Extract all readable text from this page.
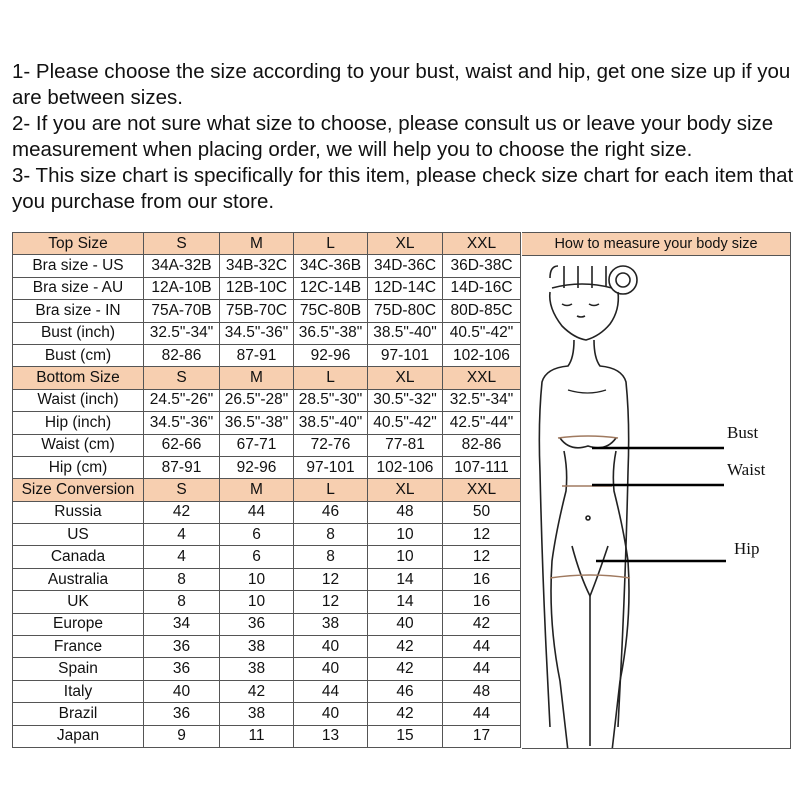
1- Please choose the size according to your bust, waist and hip, get one size up if you are between sizes.
2- If you are not sure what size to choose, please consult us or leave your body size measurement when placing order, we will help you to choose the right size.
3- This size chart is specifically for this item, please check size chart for each item that you purchase from our store.
Top Size	S	M	L	XL	XXL
Bra size - US	34A-32B	34B-32C	34C-36B	34D-36C	36D-38C
Bra size - AU	12A-10B	12B-10C	12C-14B	12D-14C	14D-16C
Bra size - IN	75A-70B	75B-70C	75C-80B	75D-80C	80D-85C
Bust (inch)	32.5"-34"	34.5"-36"	36.5"-38"	38.5"-40"	40.5"-42"
Bust (cm)	82-86	87-91	92-96	97-101	102-106
Bottom Size	S	M	L	XL	XXL
Waist (inch)	24.5"-26"	26.5"-28"	28.5"-30"	30.5"-32"	32.5"-34"
Hip (inch)	34.5"-36"	36.5"-38"	38.5"-40"	40.5"-42"	42.5"-44"
Waist (cm)	62-66	67-71	72-76	77-81	82-86
Hip (cm)	87-91	92-96	97-101	102-106	107-111
Size Conversion	S	M	L	XL	XXL
Russia	42	44	46	48	50
US	4	6	8	10	12
Canada	4	6	8	10	12
Australia	8	10	12	14	16
UK	8	10	12	14	16
Europe	34	36	38	40	42
France	36	38	40	42	44
Spain	36	38	40	42	44
Italy	40	42	44	46	48
Brazil	36	38	40	42	44
Japan	9	11	13	15	17
How to measure your body size
Bust
Waist
Hip
